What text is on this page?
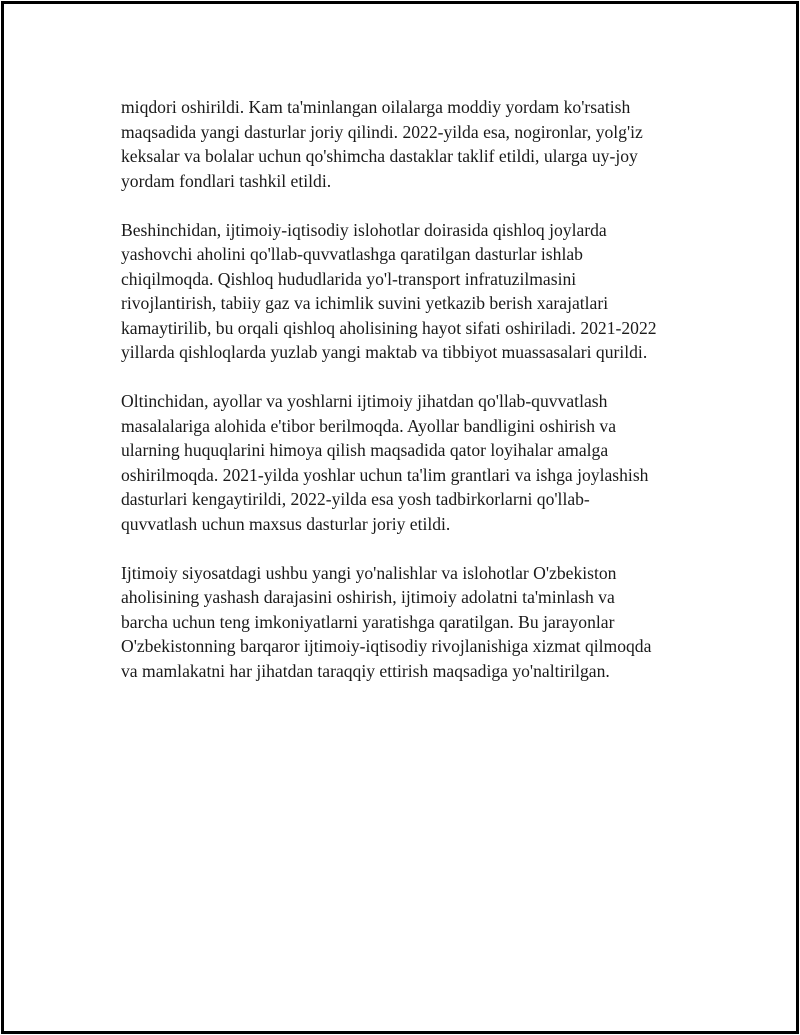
miqdori oshirildi. Kam ta'minlangan oilalarga moddiy yordam ko'rsatish
maqsadida yangi dasturlar joriy qilindi. 2022-yilda esa, nogironlar, yolg'iz
keksalar va bolalar uchun qo'shimcha dastaklar taklif etildi, ularga uy-joy
yordam fondlari tashkil etildi.

Beshinchidan, ijtimoiy-iqtisodiy islohotlar doirasida qishloq joylarda
yashovchi aholini qo'llab-quvvatlashga qaratilgan dasturlar ishlab
chiqilmoqda. Qishloq hududlarida yo'l-transport infratuzilmasini
rivojlantirish, tabiiy gaz va ichimlik suvini yetkazib berish xarajatlari
kamaytirilib, bu orqali qishloq aholisining hayot sifati oshiriladi. 2021-2022
yillarda qishloqlarda yuzlab yangi maktab va tibbiyot muassasalari qurildi.

Oltinchidan, ayollar va yoshlarni ijtimoiy jihatdan qo'llab-quvvatlash
masalalariga alohida e'tibor berilmoqda. Ayollar bandligini oshirish va
ularning huquqlarini himoya qilish maqsadida qator loyihalar amalga
oshirilmoqda. 2021-yilda yoshlar uchun ta'lim grantlari va ishga joylashish
dasturlari kengaytirildi, 2022-yilda esa yosh tadbirkorlarni qo'llab-
quvvatlash uchun maxsus dasturlar joriy etildi.

Ijtimoiy siyosatdagi ushbu yangi yo'nalishlar va islohotlar O'zbekiston
aholisining yashash darajasini oshirish, ijtimoiy adolatni ta'minlash va
barcha uchun teng imkoniyatlarni yaratishga qaratilgan. Bu jarayonlar
O'zbekistonning barqaror ijtimoiy-iqtisodiy rivojlanishiga xizmat qilmoqda
va mamlakatni har jihatdan taraqqiy ettirish maqsadiga yo'naltirilgan.
